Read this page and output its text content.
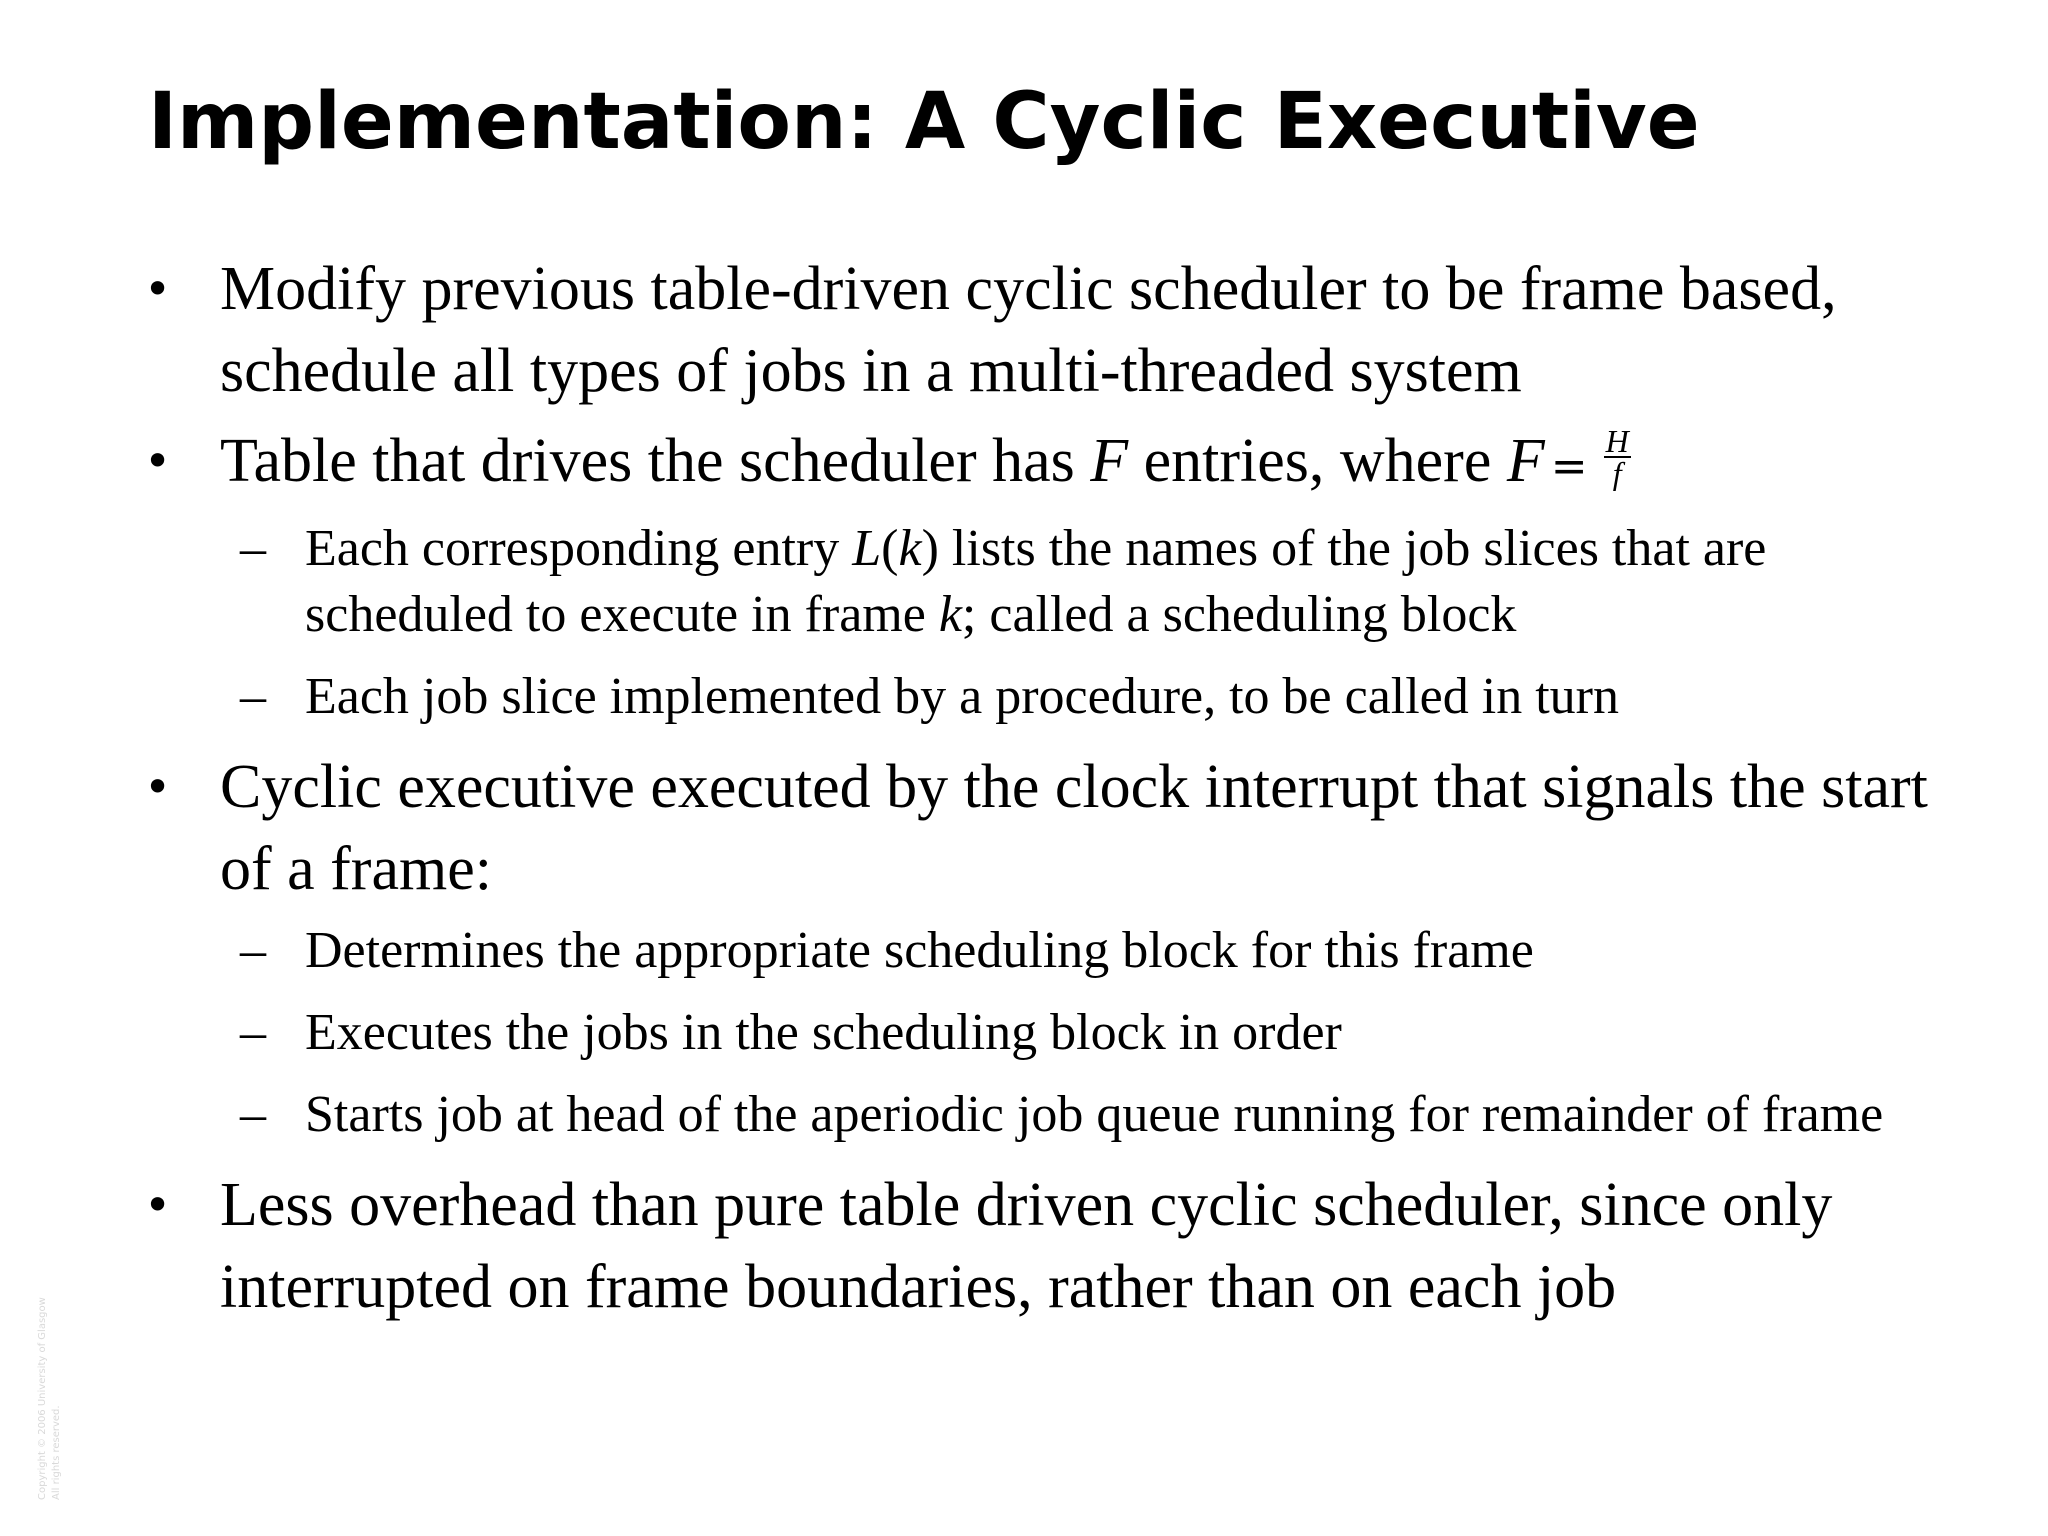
Implementation: A Cyclic Executive
• Modify previous table-driven cyclic scheduler to be frame based, schedule all types of jobs in a multi-threaded system
• Table that drives the scheduler has F entries, where $F = \frac{H}{f}$
– Each corresponding entry L(k) lists the names of the job slices that are scheduled to execute in frame k; called a scheduling block
– Each job slice implemented by a procedure, to be called in turn
• Cyclic executive executed by the clock interrupt that signals the start of a frame:
– Determines the appropriate scheduling block for this frame
– Executes the jobs in the scheduling block in order
– Starts job at head of the aperiodic job queue running for remainder of frame
• Less overhead than pure table driven cyclic scheduler, since only interrupted on frame boundaries, rather than on each job
Copyright © 2006 University of Glasgow All rights reserved.
